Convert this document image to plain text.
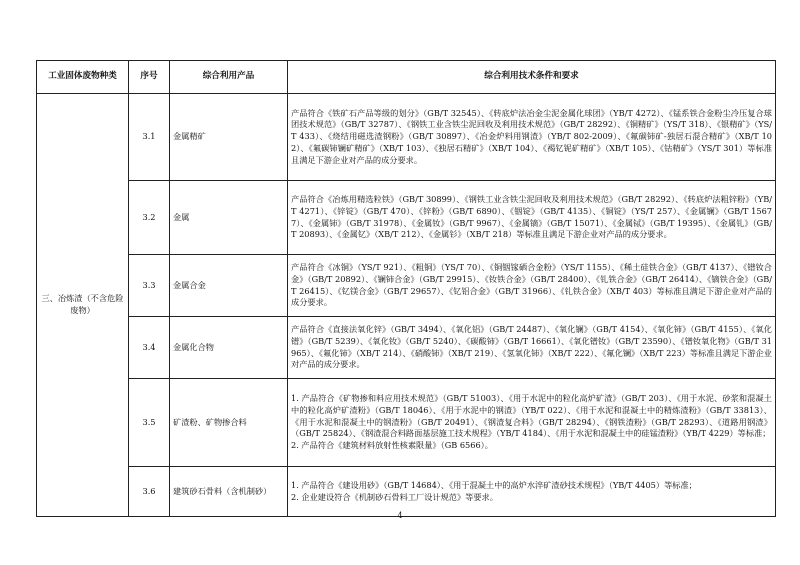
工业固体废物种类	序号	综合利用产品	综合利用技术条件和要求
三、冶炼渣（不含危险废物）	3.1	金属精矿	产品符合《铁矿石产品等级的划分》（GB/T 32545）、《转底炉法冶金尘泥金属化球团》（YB/T 4272）、《锰系铁合金粉尘冷压复合球团技术规范》（GB/T 32787）、《钢铁工业含铁尘泥回收及利用技术规范》（GB/T 28292）、《铜精矿》（YS/T 318）、《银精矿》（YS/T 433）、《烧结用磁选渣钢粉》（GB/T 30897）、《冶金炉料用钢渣》（YB/T 802-2009）、《氟碳铈矿-独居石混合精矿》（XB/T 102）、《氟碳铈镧矿精矿》（XB/T 103）、《独居石精矿》（XB/T 104）、《褐钇铌矿精矿》（XB/T 105）、《钴精矿》（YS/T 301）等标准且满足下游企业对产品的成分要求。
	3.2	金属	产品符合《冶炼用精选粒铁》（GB/T 30899）、《钢铁工业含铁尘泥回收及利用技术规范》（GB/T 28292）、《转底炉法粗锌粉》（YB/T 4271）、《锌锭》（GB/T 470）、《锌粉》（GB/T 6890）、《铟锭》（GB/T 4135）、《铜锭》（YS/T 257）、《金属镧》（GB/T 15677）、《金属铈》（GB/T 31978）、《金属钕》（GB/T 9967）、《金属镝》（GB/T 15071）、《金属铽》（GB/T 19395）、《金属钆》（GB/T 20893）、《金属钇》（XB/T 212）、《金属钐》（XB/T 218）等标准且满足下游企业对产品的成分要求。
	3.3	金属合金	产品符合《冰铜》（YS/T 921）、《粗铜》（YS/T 70）、《铜铟镓硒合金粉》（YS/T 1155）、《稀土硅铁合金》（GB/T 4137）、《镨钕合金》（GB/T 20892）、《镧铈合金》（GB/T 29915）、《钕铁合金》（GB/T 28400）、《钆铁合金》（GB/T 26414）、《镝铁合金》（GB/T 26415）、《钇镁合金》（GB/T 29657）、《钇铝合金》（GB/T 31966）、《钆铁合金》（XB/T 403）等标准且满足下游企业对产品的成分要求。
	3.4	金属化合物	产品符合《直接法氧化锌》（GB/T 3494）、《氧化铝》（GB/T 24487）、《氧化镧》（GB/T 4154）、《氧化铈》（GB/T 4155）、《氧化镨》（GB/T 5239）、《氧化钕》（GB/T 5240）、《碳酸铈》（GB/T 16661）、《氧化镨钕》（GB/T 23590）、《镨钕氧化物》（GB/T 31965）、《氟化铈》（XB/T 214）、《硝酸铈》（XB/T 219）、《氢氧化铈》（XB/T 222）、《氟化镧》（XB/T 223）等标准且满足下游企业对产品的成分要求。
	3.5	矿渣粉、矿物掺合料	1. 产品符合《矿物掺和料应用技术规范》（GB/T 51003）、《用于水泥中的粒化高炉矿渣》（GB/T 203）、《用于水泥、砂浆和混凝土中的粒化高炉矿渣粉》（GB/T 18046）、《用于水泥中的钢渣》（YB/T 022）、《用于水泥和混凝土中的精炼渣粉》（GB/T 33813）、《用于水泥和混凝土中的钢渣粉》（GB/T 20491）、《钢渣复合料》（GB/T 28294）、《钢铁渣粉》（GB/T 28293）、《道路用钢渣》（GB/T 25824）、《钢渣混合料路面基层施工技术规程》（YB/T 4184）、《用于水泥和混凝土中的硅锰渣粉》（YB/T 4229）等标准；
2. 产品符合《建筑材料放射性核素限量》（GB 6566）。
	3.6	建筑砂石骨料（含机制砂）	1. 产品符合《建设用砂》（GB/T 14684）、《用于混凝土中的高炉水淬矿渣砂技术规程》（YB/T 4405）等标准；
2. 企业建设符合《机制砂石骨料工厂设计规范》等要求。
4
